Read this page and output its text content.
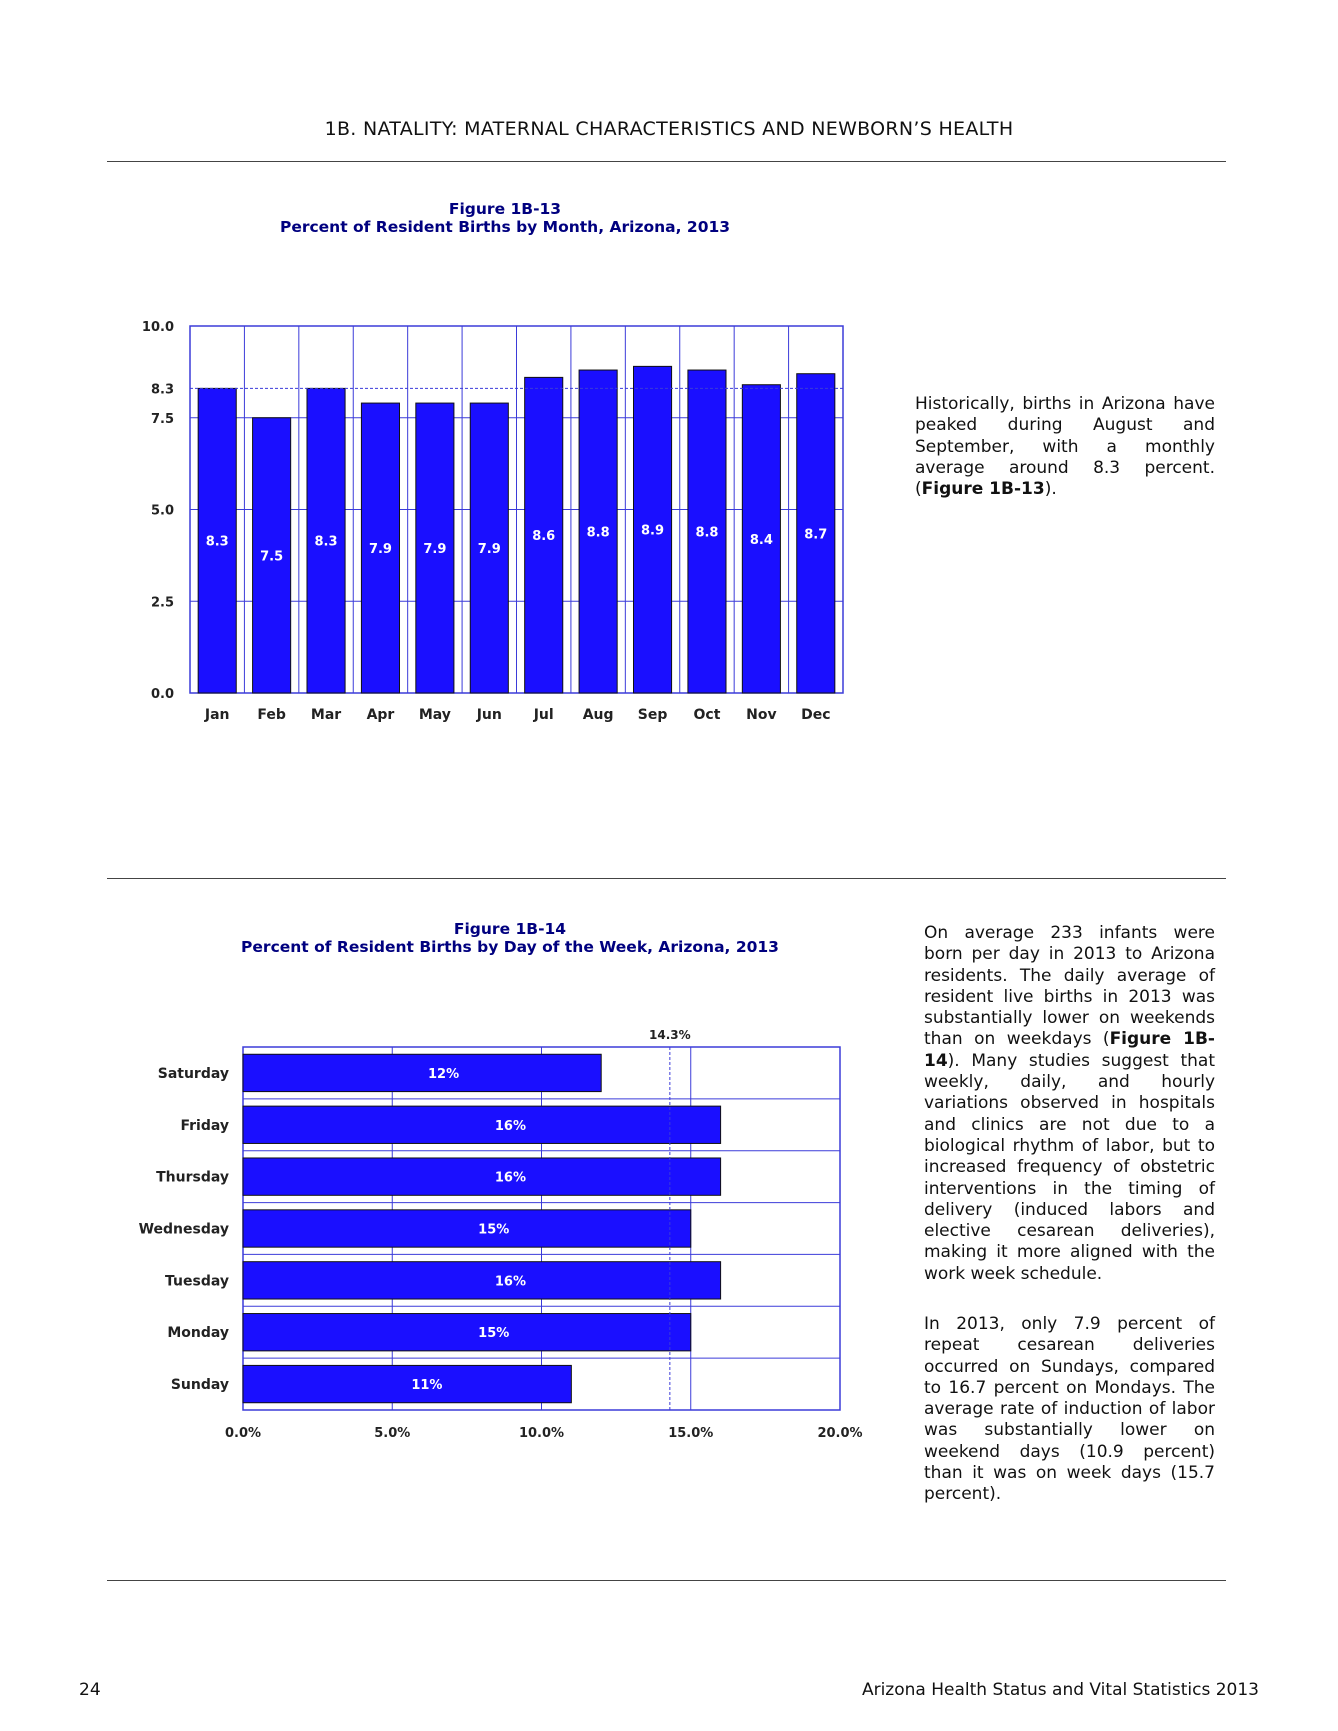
1B. NATALITY: MATERNAL CHARACTERISTICS AND NEWBORN’S HEALTH
Figure 1B-13
Percent of Resident Births by Month, Arizona, 2013
0.0
2.5
5.0
7.5
8.3
10.0
8.3
Jan
7.5
Feb
8.3
Mar
7.9
Apr
7.9
May
7.9
Jun
8.6
Jul
8.8
Aug
8.9
Sep
8.8
Oct
8.4
Nov
8.7
Dec
Historically, births in Arizona have peaked during August and September, with a monthly average around 8.3 percent. (Figure 1B-13).
Figure 1B-14
Percent of Resident Births by Day of the Week, Arizona, 2013
0.0%	5.0%	10.0%	15.0%	20.0%
12%
Saturday
16%
Friday
16%
Thursday
15%
Wednesday
16%
Tuesday
15%
Monday
11%
Sunday
14.3%
On average 233 infants were born per day in 2013 to Arizona residents. The daily average of resident live births in 2013 was substantially lower on weekends than on weekdays (Figure 1B-14). Many studies suggest that weekly, daily, and hourly variations observed in hospitals and clinics are not due to a biological rhythm of labor, but to increased frequency of obstetric interventions in the timing of delivery (induced labors and elective cesarean deliveries), making it more aligned with the work week schedule.
In 2013, only 7.9 percent of repeat cesarean deliveries occurred on Sundays, compared to 16.7 percent on Mondays. The average rate of induction of labor was substantially lower on weekend days (10.9 percent) than it was on week days (15.7 percent).
24	Arizona Health Status and Vital Statistics 2013
